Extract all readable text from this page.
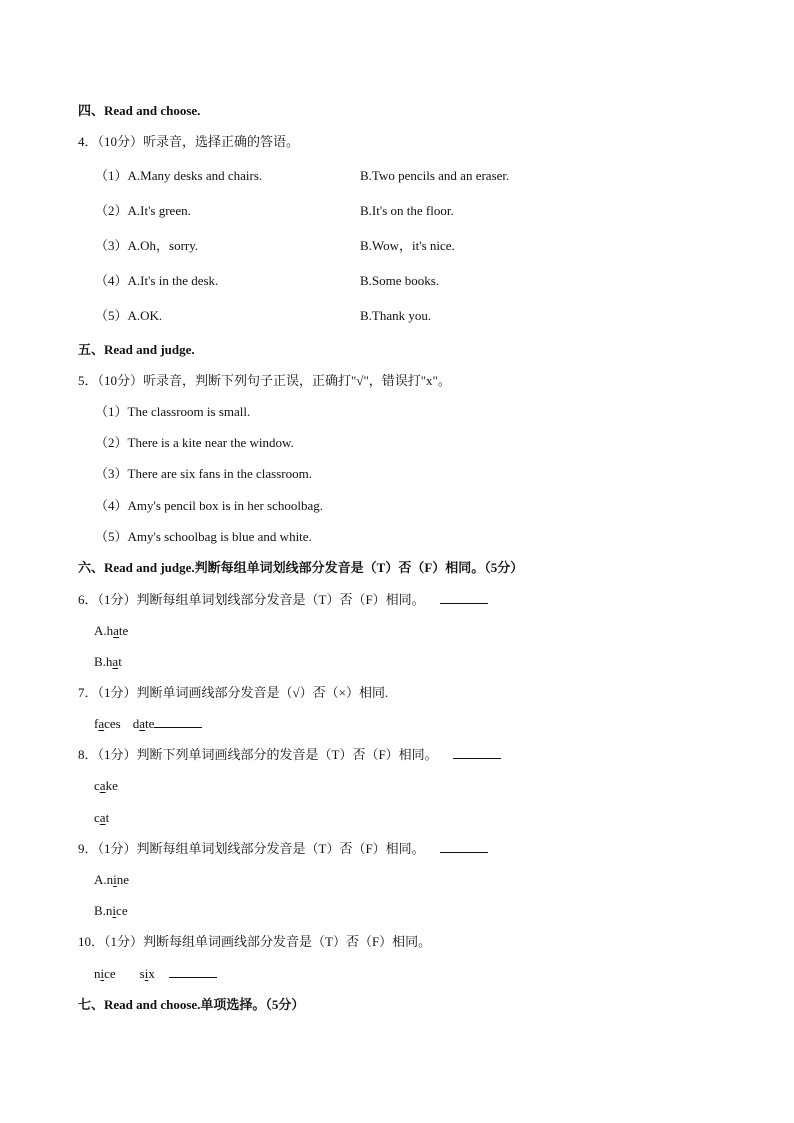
四、Read and choose.
4．（10分）听录音，选择正确的答语。
（1）A.Many desks and chairs.	B.Two pencils and an eraser.
（2）A.It's green.	B.It's on the floor.
（3）A.Oh，sorry.	B.Wow，it's nice.
（4）A.It's in the desk.	B.Some books.
（5）A.OK.	B.Thank you.
五、Read and judge.
5．（10分）听录音，判断下列句子正误，正确打"√"，错误打"x"。
（1）The classroom is small.
（2）There is a kite near the window.
（3）There are six fans in the classroom.
（4）Amy's pencil box is in her schoolbag.
（5）Amy's schoolbag is blue and white.
六、Read and judge.判断每组单词划线部分发音是（T）否（F）相同。（5分）
6．（1分）判断每组单词划线部分发音是（T）否（F）相同。
A.hate
B.hat
7．（1分）判断单词画线部分发音是（√）否（×）相同.
faces date
8．（1分）判断下列单词画线部分的发音是（T）否（F）相同。
cake
cat
9．（1分）判断每组单词划线部分发音是（T）否（F）相同。
A.nine
B.nice
10．（1分）判断每组单词画线部分发音是（T）否（F）相同。
nice six
七、Read and choose.单项选择。（5分）
